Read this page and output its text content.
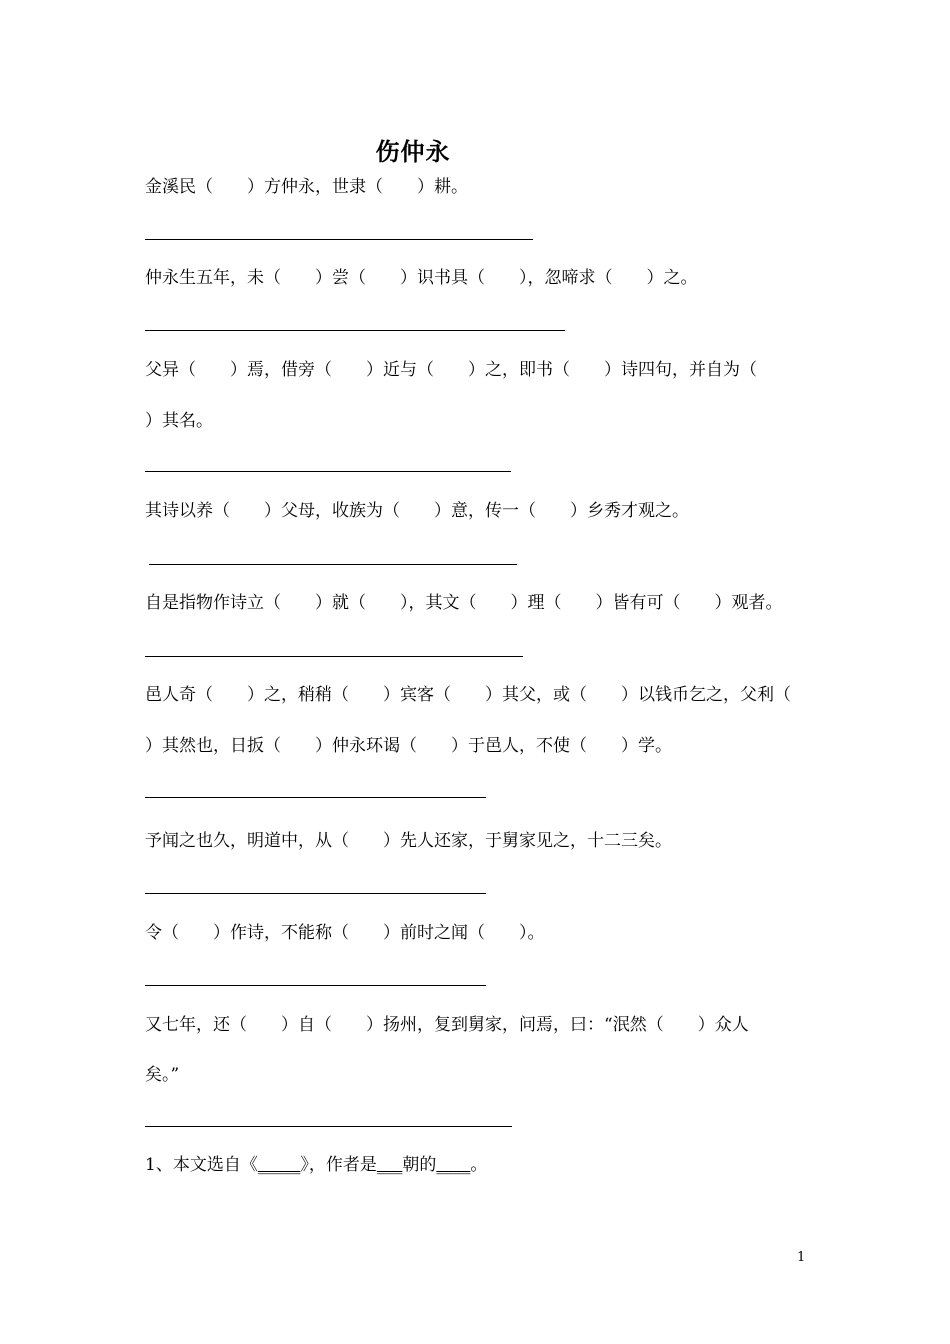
伤仲永
金溪民（　　）方仲永，世隶（　　）耕。
仲永生五年，未（　　）尝（　　）识书具（　　），忽啼求（　　）之。
父异（　　）焉，借旁（　　）近与（　　）之，即书（　　）诗四句，并自为（
）其名。
其诗以养（　　）父母，收族为（　　）意，传一（　　）乡秀才观之。
自是指物作诗立（　　）就（　　），其文（　　）理（　　）皆有可（　　）观者。
邑人奇（　　）之，稍稍（　　）宾客（　　）其父，或（　　）以钱币乞之，父利（
）其然也，日扳（　　）仲永环谒（　　）于邑人，不使（　　）学。
予闻之也久，明道中，从（　　）先人还家，于舅家见之，十二三矣。
令（　　）作诗，不能称（　　）前时之闻（　　）。
又七年，还（　　）自（　　）扬州，复到舅家，问焉，曰：“泯然（　　）众人
矣。”
1、本文选自《_____》，作者是___朝的____。
1
